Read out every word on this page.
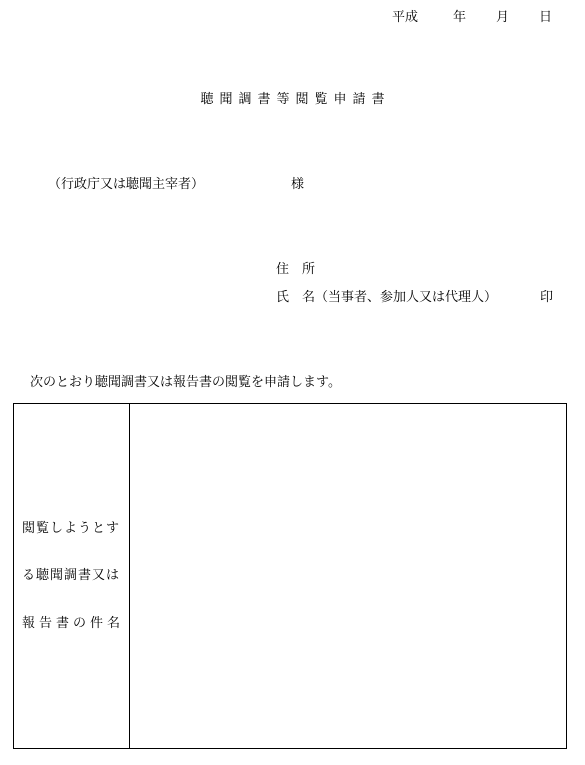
平成	年 月 日
聴聞調書等閲覧申請書
（行政庁又は聴聞主宰者）	様
住　所
氏　名（当事者、参加人又は代理人）	印
次のとおり聴聞調書又は報告書の閲覧を申請します。
閲覧しようとす
る聴聞調書又は
報告書の件名
